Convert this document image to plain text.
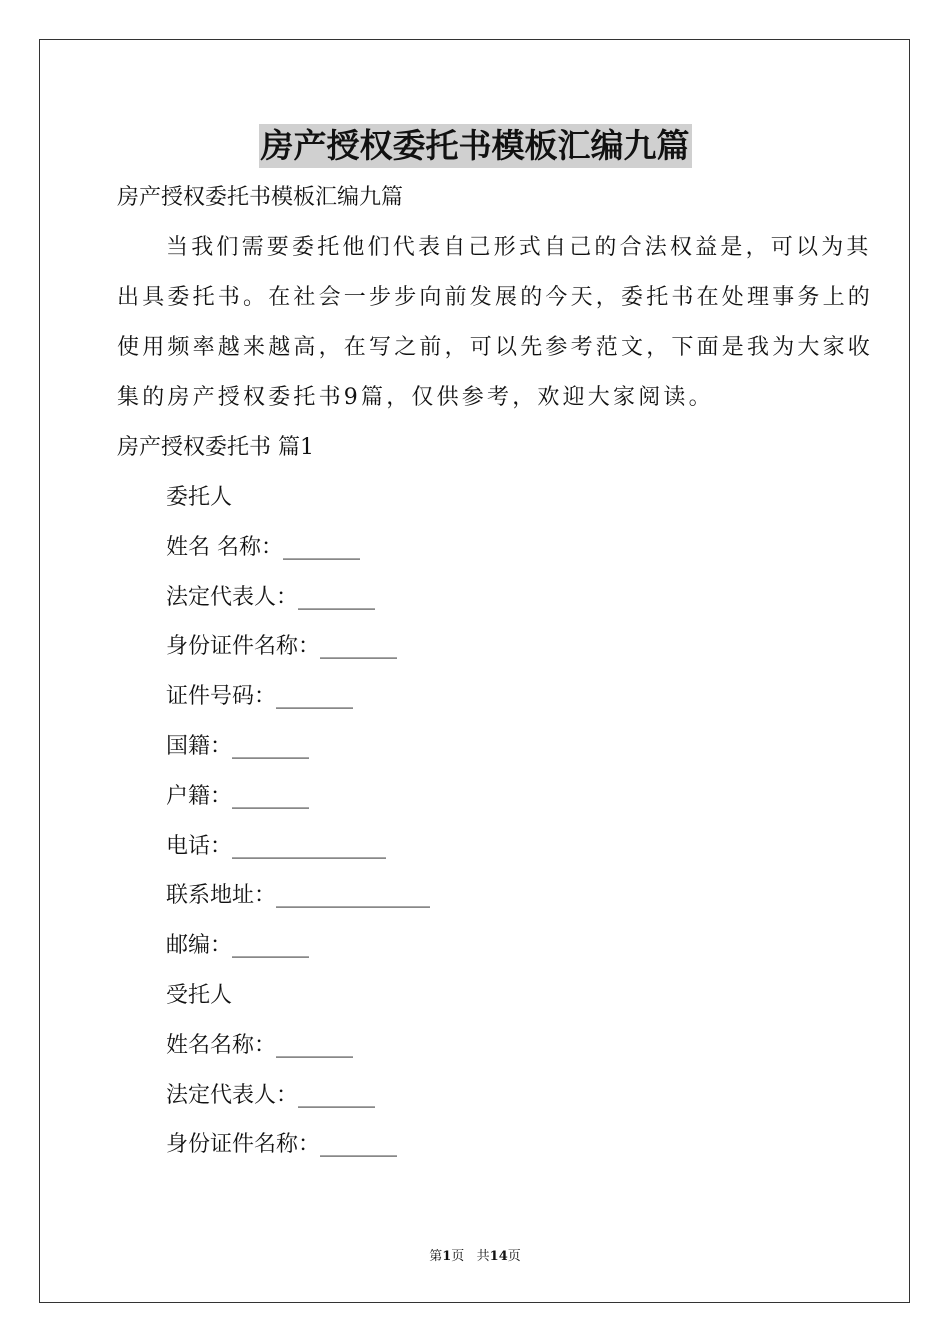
房产授权委托书模板汇编九篇
房产授权委托书模板汇编九篇
当我们需要委托他们代表自己形式自己的合法权益是，可以为其
出具委托书。在社会一步步向前发展的今天，委托书在处理事务上的
使用频率越来越高，在写之前，可以先参考范文，下面是我为大家收
集的房产授权委托书9篇，仅供参考，欢迎大家阅读。
房产授权委托书 篇1
委托人
姓名 名称：_______
法定代表人：_______
身份证件名称：_______
证件号码：_______
国籍：_______
户籍：_______
电话：______________
联系地址：______________
邮编：_______
受托人
姓名名称：_______
法定代表人：_______
身份证件名称：_______
第1页   共14页
